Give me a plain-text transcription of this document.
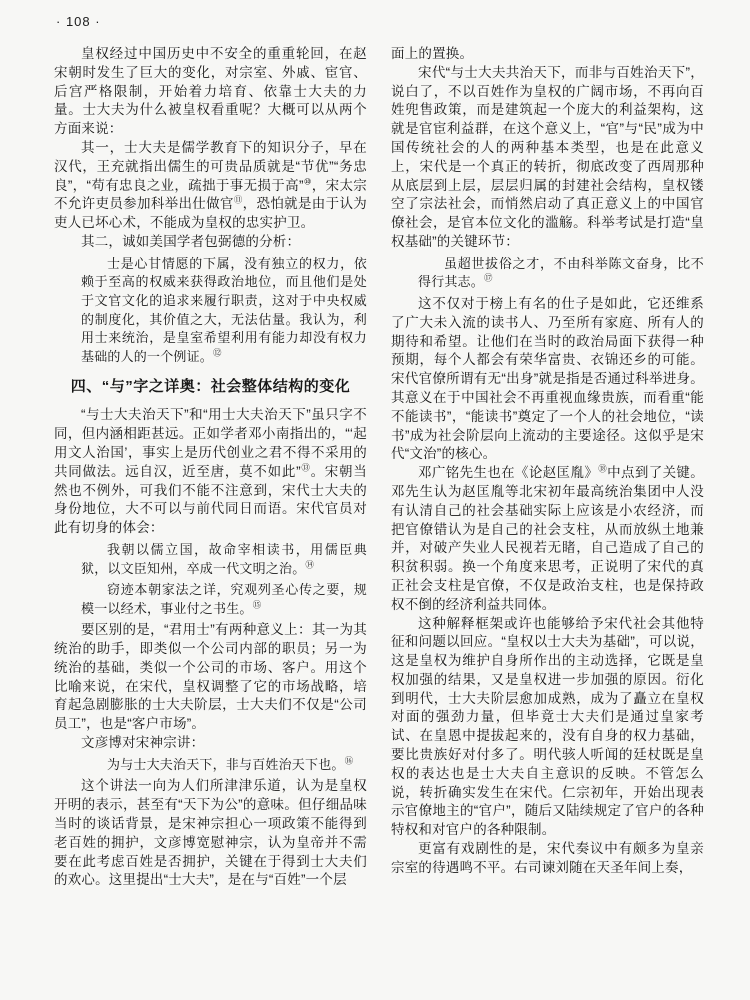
· 108 ·

皇权经过中国历史中不安全的重重轮回，在赵宋朝时发生了巨大的变化，对宗室、外戚、宦官、后宫严格限制，开始着力培育、依靠士大夫的力量。士大夫为什么被皇权看重呢？大概可以从两个方面来说：

其一，士大夫是儒学教育下的知识分子，早在汉代，王充就指出儒生的可贵品质就是“节优”“务忠良”，“苟有忠良之业，疏拙于事无损于高”⑩，宋太宗不允许吏员参加科举出仕做官⑪，恐怕就是由于认为吏人已坏心术，不能成为皇权的忠实护卫。

其二，诚如美国学者包弼德的分析：

士是心甘情愿的下属，没有独立的权力，依赖于至高的权威来获得政治地位，而且他们是处于文官文化的追求来履行职责，这对于中央权威的制度化，其价值之大，无法估量。我认为，利用士来统治，是皇室希望利用有能力却没有权力基础的人的一个例证。⑫

四、“与”字之详奥：社会整体结构的变化

“与士大夫治天下”和“用士大夫治天下”虽只字不同，但内涵相距甚远。正如学者邓小南指出的，“‘起用文人治国’，事实上是历代创业之君不得不采用的共同做法。远自汉，近至唐，莫不如此”⑬。宋朝当然也不例外，可我们不能不注意到，宋代士大夫的身份地位，大不可以与前代同日而语。宋代官员对此有切身的体会：

我朝以儒立国，故命宰相读书，用儒臣典狱，以文臣知州，卒成一代文明之治。⑭

窃迹本朝家法之详，究观列圣心传之要，规模一以经术，事业付之书生。⑮

要区别的是，“君用士”有两种意义上：其一为其统治的助手，即类似一个公司内部的职员；另一为统治的基础，类似一个公司的市场、客户。用这个比喻来说，在宋代，皇权调整了它的市场战略，培育起急剧膨胀的士大夫阶层，士大夫们不仅是“公司员工”，也是“客户市场”。

文彦博对宋神宗讲：

为与士大夫治天下，非与百姓治天下也。⑯

这个讲法一向为人们所津津乐道，认为是皇权开明的表示，甚至有“天下为公”的意味。但仔细品味当时的谈话背景，是宋神宗担心一项政策不能得到老百姓的拥护，文彦博宽慰神宗，认为皇帝并不需要在此考虑百姓是否拥护，关键在于得到士大夫们的欢心。这里提出“士大夫”，是在与“百姓”一个层

面上的置换。

宋代“与士大夫共治天下，而非与百姓治天下”，说白了，不以百姓作为皇权的广阔市场，不再向百姓兜售政策，而是建筑起一个庞大的利益架构，这就是官宦利益群，在这个意义上，“官”与“民”成为中国传统社会的人的两种基本类型，也是在此意义上，宋代是一个真正的转折，彻底改变了西周那种从底层到上层，层层归属的封建社会结构，皇权镂空了宗法社会，而悄然启动了真正意义上的中国官僚社会，是官本位文化的滥觞。科举考试是打造“皇权基础”的关键环节：

虽超世拔俗之才，不由科举陈文奋身，比不得行其志。⑰

这不仅对于榜上有名的仕子是如此，它还维系了广大未入流的读书人、乃至所有家庭、所有人的期待和希望。让他们在当时的政治局面下获得一种预期，每个人都会有荣华富贵、衣锦还乡的可能。宋代官僚所谓有无“出身”就是指是否通过科举进身。其意义在于中国社会不再重视血缘贵族，而看重“能不能读书”，“能读书”奠定了一个人的社会地位，“读书”成为社会阶层向上流动的主要途径。这似乎是宋代“文治”的核心。

邓广铭先生也在《论赵匡胤》⑱中点到了关键。邓先生认为赵匡胤等北宋初年最高统治集团中人没有认清自己的社会基础实际上应该是小农经济，而把官僚错认为是自己的社会支柱，从而放纵土地兼并，对破产失业人民视若无睹，自己造成了自己的积贫积弱。换一个角度来思考，正说明了宋代的真正社会支柱是官僚，不仅是政治支柱，也是保持政权不倒的经济利益共同体。

这种解释框架或许也能够给予宋代社会其他特征和问题以回应。“皇权以士大夫为基础”，可以说，这是皇权为维护自身所作出的主动选择，它既是皇权加强的结果，又是皇权进一步加强的原因。衍化到明代，士大夫阶层愈加成熟，成为了矗立在皇权对面的强劲力量，但毕竟士大夫们是通过皇家考试、在皇恩中提拔起来的，没有自身的权力基础，要比贵族好对付多了。明代骇人听闻的廷杖既是皇权的表达也是士大夫自主意识的反映。不管怎么说，转折确实发生在宋代。仁宗初年，开始出现表示官僚地主的“官户”，随后又陆续规定了官户的各种特权和对官户的各种限制。

更富有戏剧性的是，宋代奏议中有颇多为皇亲宗室的待遇鸣不平。右司谏刘随在天圣年间上奏，
